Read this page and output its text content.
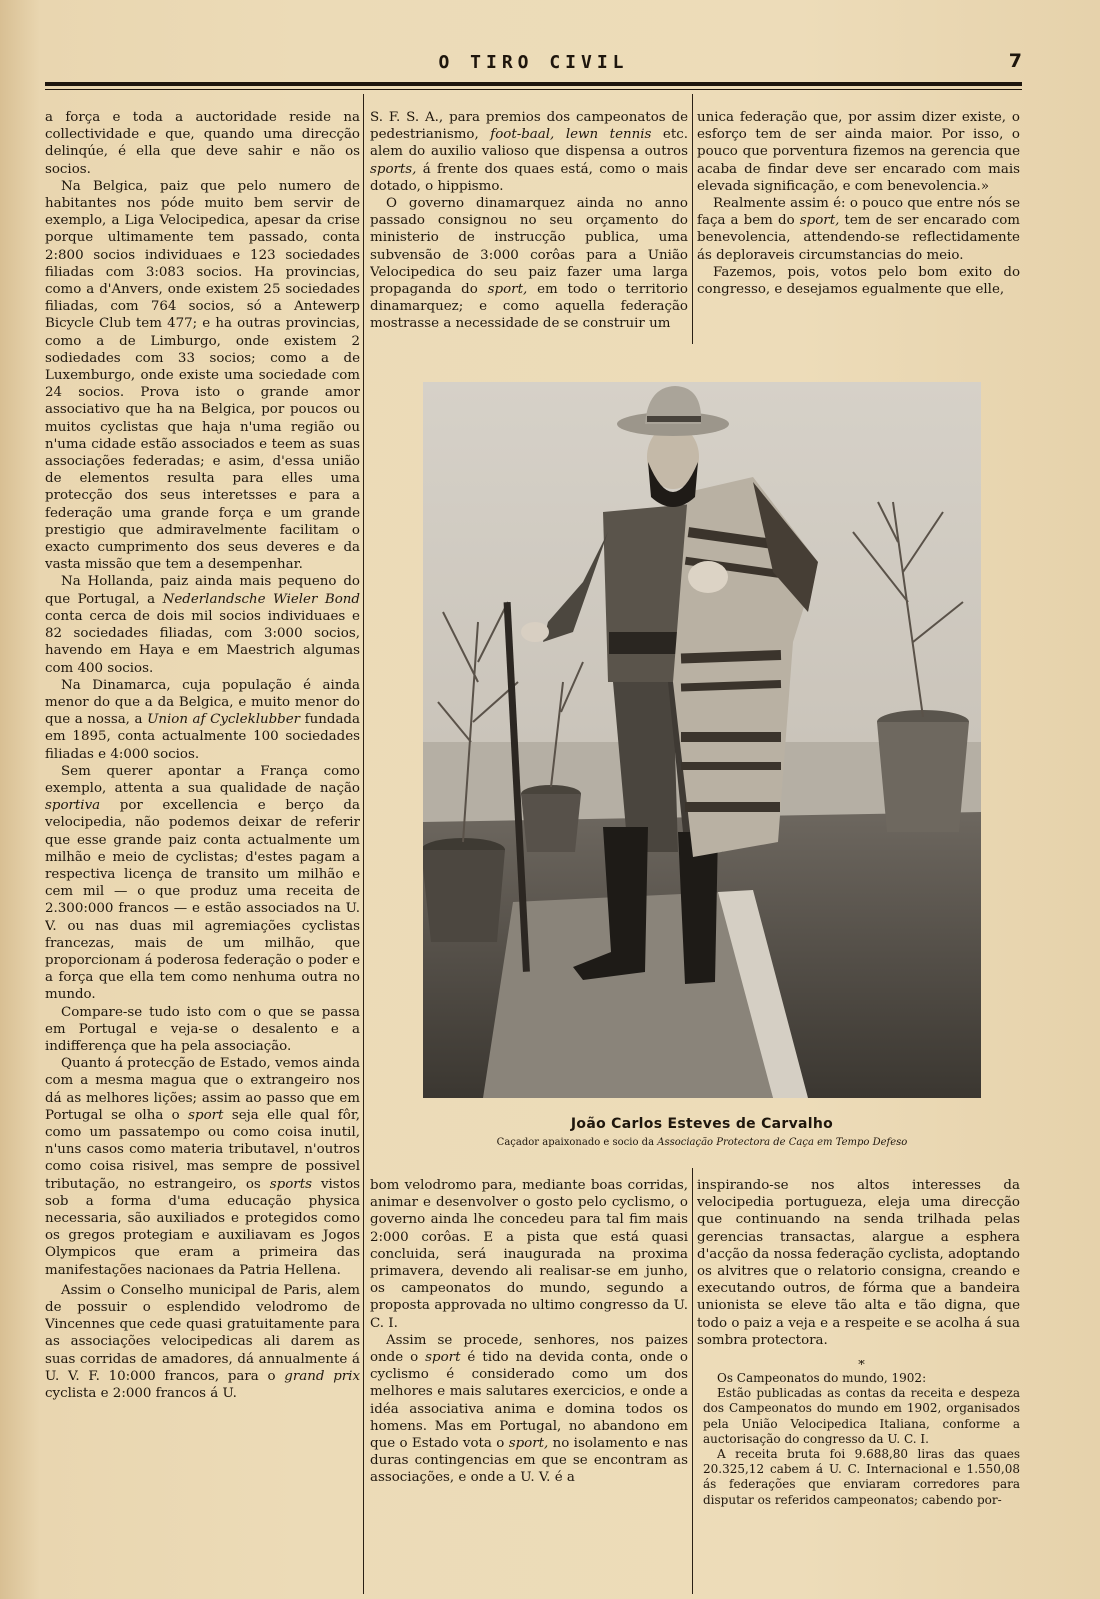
O TIRO CIVIL	7

a força e toda a auctoridade reside na collectividade e que, quando uma direcção delinqúe, é ella que deve sahir e não os socios.

Na Belgica, paiz que pelo numero de habitantes nos póde muito bem servir de exemplo, a Liga Velocipedica, apesar da crise porque ultimamente tem passado, conta 2:800 socios individuaes e 123 sociedades filiadas com 3:083 socios. Ha provincias, como a d'Anvers, onde existem 25 sociedades filiadas, com 764 socios, só a Antewerp Bicycle Club tem 477; e ha outras provincias, como a de Limburgo, onde existem 2 sodiedades com 33 socios; como a de Luxemburgo, onde existe uma sociedade com 24 socios. Prova isto o grande amor associativo que ha na Belgica, por poucos ou muitos cyclistas que haja n'uma região ou n'uma cidade estão associados e teem as suas associações federadas; e asim, d'essa união de elementos resulta para elles uma protecção dos seus interetsses e para a federação uma grande força e um grande prestigio que admiravelmente facilitam o exacto cumprimento dos seus deveres e da vasta missão que tem a desempenhar.

Na Hollanda, paiz ainda mais pequeno do que Portugal, a Nederlandsche Wieler Bond conta cerca de dois mil socios individuaes e 82 sociedades filiadas, com 3:000 socios, havendo em Haya e em Maestrich algumas com 400 socios.

Na Dinamarca, cuja população é ainda menor do que a da Belgica, e muito menor do que a nossa, a Union af Cycleklubber fundada em 1895, conta actualmente 100 sociedades filiadas e 4:000 socios.

Sem querer apontar a França como exemplo, attenta a sua qualidade de nação sportiva por excellencia e berço da velocipedia, não podemos deixar de referir que esse grande paiz conta actualmente um milhão e meio de cyclistas; d'estes pagam a respectiva licença de transito um milhão e cem mil — o que produz uma receita de 2.300:000 francos — e estão associados na U. V. ou nas duas mil agremiações cyclistas francezas, mais de um milhão, que proporcionam á poderosa federação o poder e a força que ella tem como nenhuma outra no mundo.

Compare-se tudo isto com o que se passa em Portugal e veja-se o desalento e a indifferença que ha pela associação.

Quanto á protecção de Estado, vemos ainda com a mesma magua que o extrangeiro nos dá as melhores lições; assim ao passo que em Portugal se olha o sport seja elle qual fôr, como um passatempo ou como coisa inutil, n'uns casos como materia tributavel, n'outros como coisa risivel, mas sempre de possivel tributação, no estrangeiro, os sports vistos sob a forma d'uma educação physica necessaria, são auxiliados e protegidos como os gregos protegiam e auxiliavam es Jogos Olympicos que eram a primeira das manifestações nacionaes da Patria Hellena.

Assim o Conselho municipal de Paris, alem de possuir o esplendido velodromo de Vincennes que cede quasi gratuitamente para as associações velocipedicas ali darem as suas corridas de amadores, dá annualmente á U. V. F. 10:000 francos, para o grand prix cyclista e 2:000 francos á U.

S. F. S. A., para premios dos campeonatos de pedestrianismo, foot-baal, lewn tennis etc. alem do auxilio valioso que dispensa a outros sports, á frente dos quaes está, como o mais dotado, o hippismo.

O governo dinamarquez ainda no anno passado consignou no seu orçamento do ministerio de instrucção publica, uma subvensão de 3:000 corôas para a União Velocipedica do seu paiz fazer uma larga propaganda do sport, em todo o territorio dinamarquez; e como aquella federação mostrasse a necessidade de se construir um

unica federação que, por assim dizer existe, o esforço tem de ser ainda maior. Por isso, o pouco que porventura fizemos na gerencia que acaba de findar deve ser encarado com mais elevada significação, e com benevolencia.»

Realmente assim é: o pouco que entre nós se faça a bem do sport, tem de ser encarado com benevolencia, attendendo-se reflectidamente ás deploraveis circumstancias do meio.

Fazemos, pois, votos pelo bom exito do congresso, e desejamos egualmente que elle,

João Carlos Esteves de Carvalho
Caçador apaixonado e socio da Associação Protectora de Caça em Tempo Defeso

bom velodromo para, mediante boas corridas, animar e desenvolver o gosto pelo cyclismo, o governo ainda lhe concedeu para tal fim mais 2:000 corôas. E a pista que está quasi concluida, será inaugurada na proxima primavera, devendo ali realisar-se em junho, os campeonatos do mundo, segundo a proposta approvada no ultimo congresso da U. C. I.

Assim se procede, senhores, nos paizes onde o sport é tido na devida conta, onde o cyclismo é considerado como um dos melhores e mais salutares exercicios, e onde a idéa associativa anima e domina todos os homens. Mas em Portugal, no abandono em que o Estado vota o sport, no isolamento e nas duras contingencias em que se encontram as associações, e onde a U. V. é a

inspirando-se nos altos interesses da velocipedia portugueza, eleja uma direcção que continuando na senda trilhada pelas gerencias transactas, alargue a esphera d'acção da nossa federação cyclista, adoptando os alvitres que o relatorio consigna, creando e executando outros, de fórma que a bandeira unionista se eleve tão alta e tão digna, que todo o paiz a veja e a respeite e se acolha á sua sombra protectora.

*

Os Campeonatos do mundo, 1902:

Estão publicadas as contas da receita e despeza dos Campeonatos do mundo em 1902, organisados pela União Velocipedica Italiana, conforme a auctorisação do congresso da U. C. I.

A receita bruta foi 9.688,80 liras das quaes 20.325,12 cabem á U. C. Internacional e 1.550,08 ás federações que enviaram corredores para disputar os referidos campeonatos; cabendo por-
